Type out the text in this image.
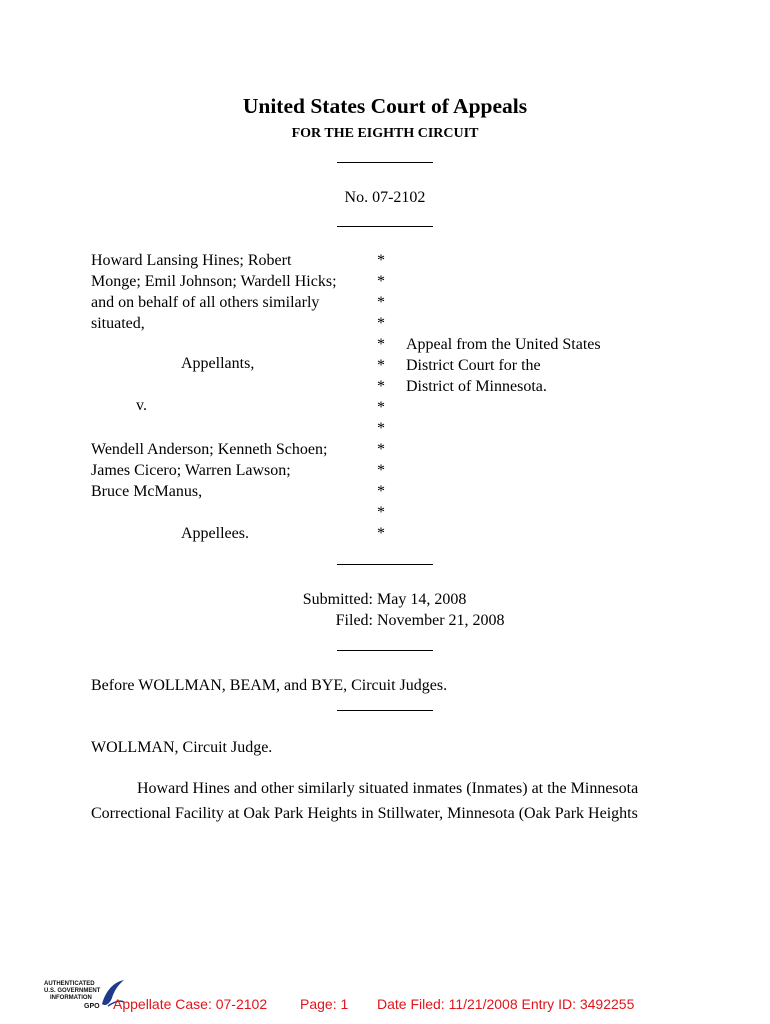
United States Court of Appeals
FOR THE EIGHTH CIRCUIT
No. 07-2102
Howard Lansing Hines; Robert
Monge; Emil Johnson; Wardell Hicks;
and on behalf of all others similarly
situated,
Appellants,
v.
Wendell Anderson; Kenneth Schoen;
James Cicero; Warren Lawson;
Bruce McManus,
Appellees.
*
*
*
*
*
*
*
*
*
*
*
*
*
*
Appeal from the United States
District Court for the
District of Minnesota.
Submitted: May 14, 2008
Filed: November 21, 2008
Before WOLLMAN, BEAM, and BYE, Circuit Judges.
WOLLMAN, Circuit Judge.
Howard Hines and other similarly situated inmates (Inmates) at the Minnesota
Correctional Facility at Oak Park Heights in Stillwater, Minnesota (Oak Park Heights
AUTHENTICATED
U.S. GOVERNMENT
INFORMATION
GPO Appellate Case: 07-2102 Page: 1 Date Filed: 11/21/2008 Entry ID: 3492255
